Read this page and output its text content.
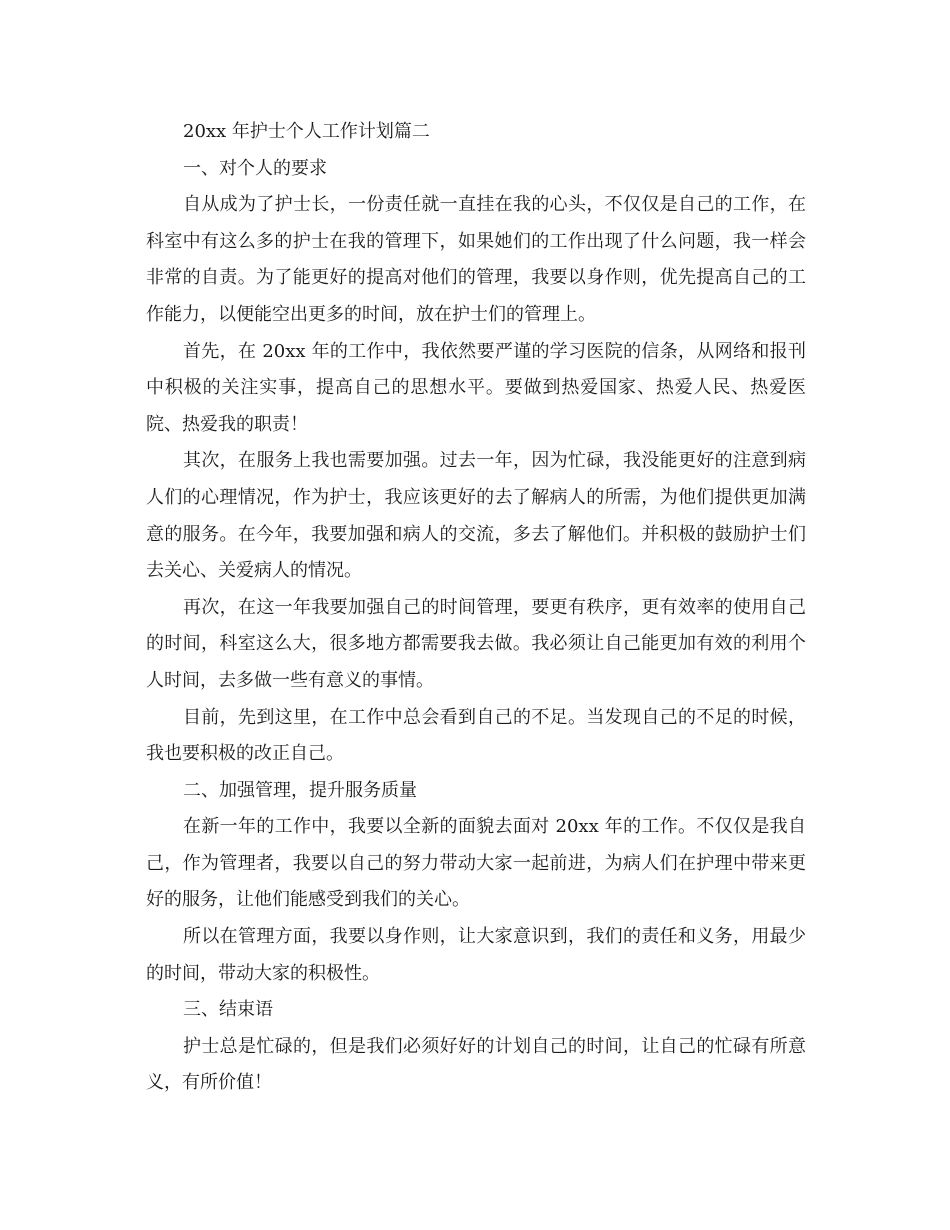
20xx 年护士个人工作计划篇二

一、对个人的要求

自从成为了护士长，一份责任就一直挂在我的心头，不仅仅是自己的工作，在科室中有这么多的护士在我的管理下，如果她们的工作出现了什么问题，我一样会非常的自责。为了能更好的提高对他们的管理，我要以身作则，优先提高自己的工作能力，以便能空出更多的时间，放在护士们的管理上。

首先，在 20xx 年的工作中，我依然要严谨的学习医院的信条，从网络和报刊中积极的关注实事，提高自己的思想水平。要做到热爱国家、热爱人民、热爱医院、热爱我的职责！

其次，在服务上我也需要加强。过去一年，因为忙碌，我没能更好的注意到病人们的心理情况，作为护士，我应该更好的去了解病人的所需，为他们提供更加满意的服务。在今年，我要加强和病人的交流，多去了解他们。并积极的鼓励护士们去关心、关爱病人的情况。

再次，在这一年我要加强自己的时间管理，要更有秩序，更有效率的使用自己的时间，科室这么大，很多地方都需要我去做。我必须让自己能更加有效的利用个人时间，去多做一些有意义的事情。

目前，先到这里，在工作中总会看到自己的不足。当发现自己的不足的时候，我也要积极的改正自己。

二、加强管理，提升服务质量

在新一年的工作中，我要以全新的面貌去面对 20xx 年的工作。不仅仅是我自己，作为管理者，我要以自己的努力带动大家一起前进，为病人们在护理中带来更好的服务，让他们能感受到我们的关心。

所以在管理方面，我要以身作则，让大家意识到，我们的责任和义务，用最少的时间，带动大家的积极性。

三、结束语

护士总是忙碌的，但是我们必须好好的计划自己的时间，让自己的忙碌有所意义，有所价值！
